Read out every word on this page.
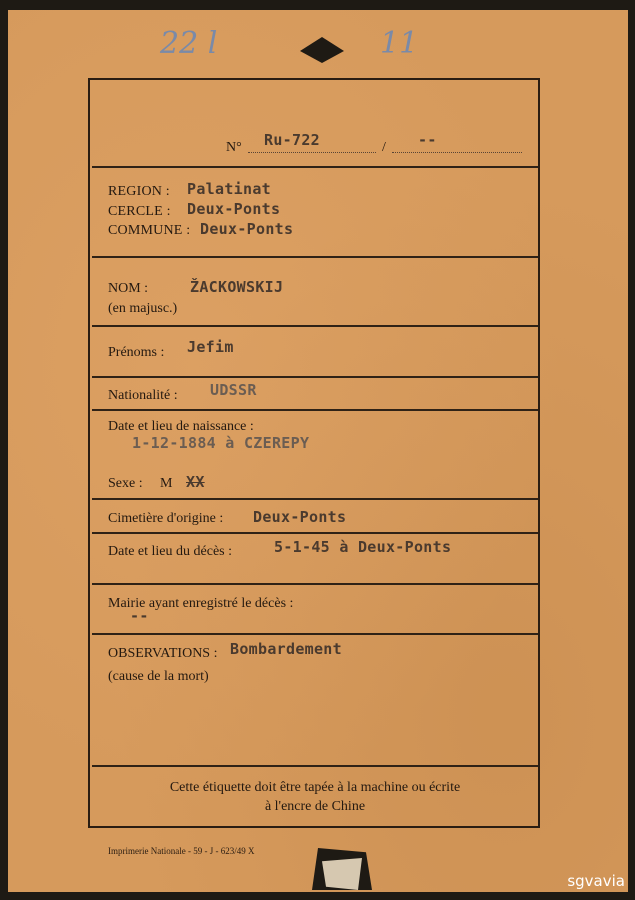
22 l	11
N° Ru-722	/ --
REGION : Palatinat
CERCLE : Deux-Ponts
COMMUNE : Deux-Ponts
NOM :	ŽACKOWSKIJ
(en majusc.)
Prénoms : Jefim
Nationalité : UDSSR
Date et lieu de naissance :
1-12-1884 à CZEREPY
Sexe : M XX
Cimetière d'origine : Deux-Ponts
Date et lieu du décès :	5-1-45 à Deux-Ponts
Mairie ayant enregistré le décès :
--
OBSERVATIONS : Bombardement
(cause de la mort)
Cette étiquette doit être tapée à la machine ou écrite
à l'encre de Chine
Imprimerie Nationale - 59 - J - 623/49 X
sgvavia
